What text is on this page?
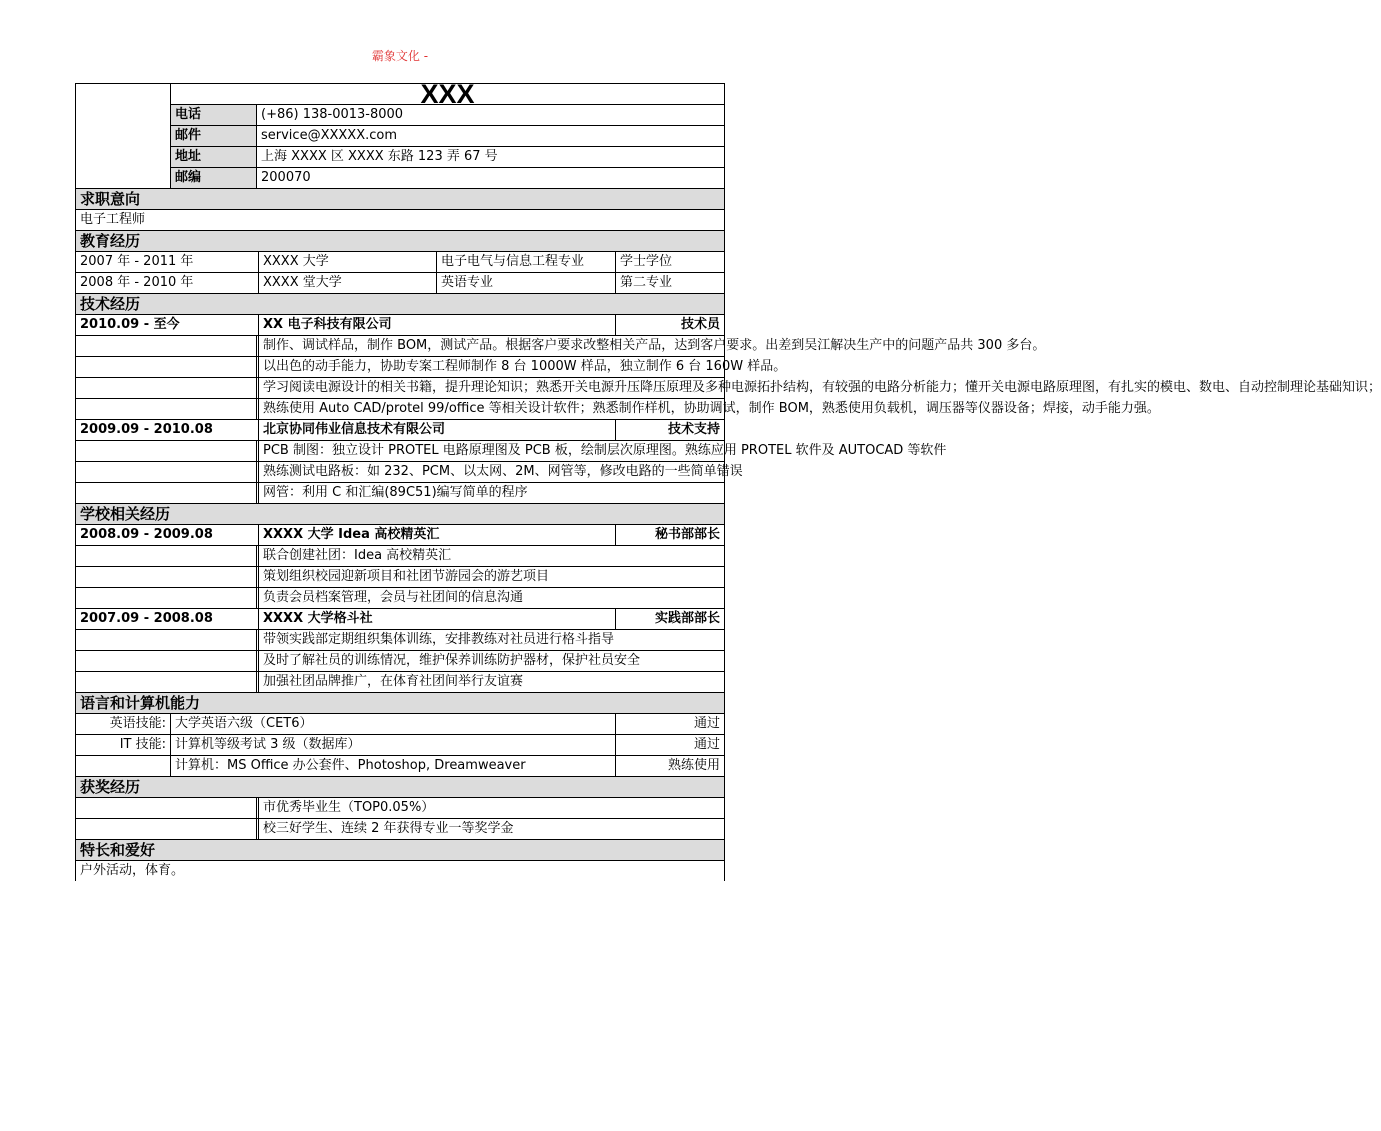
霸象文化 -
	XXX				
	电话	(+86) 138-0013-8000			
	邮件	service@XXXXX.com			
	地址	上海 XXXX 区 XXXX 东路 123 弄 67 号			
	邮编	200070			
求职意向					
电子工程师					
教育经历					
2007 年 - 2011 年			XXXX 大学	电子电气与信息工程专业	学士学位
2008 年 - 2010 年			XXXX 堂大学	英语专业	第二专业
技术经历					
2010.09 - 至今			XX 电子科技有限公司		技术员
		制作、调试样品，制作 BOM，测试产品。根据客户要求改整相关产品，达到客户要求。出差到吴江解决生产中的问题产品共 300 多台。		
		以出色的动手能力，协助专案工程师制作 8 台 1000W 样品，独立制作 6 台 160W 样品。		
		学习阅读电源设计的相关书籍，提升理论知识；熟悉开关电源升压降压原理及多种电源拓扑结构，有较强的电路分析能力；懂开关电源电路原理图，有扎实的模电、数电、自动控制理论基础知识；		
		熟练使用 Auto CAD/protel 99/office 等相关设计软件；熟悉制作样机，协助调试，制作 BOM，熟悉使用负载机，调压器等仪器设备；焊接，动手能力强。		
2009.09 - 2010.08			北京协同伟业信息技术有限公司		技术支持
		PCB 制图：独立设计 PROTEL 电路原理图及 PCB 板，绘制层次原理图。熟练应用 PROTEL 软件及 AUTOCAD 等软件		
		熟练测试电路板：如 232、PCM、以太网、2M、网管等，修改电路的一些简单错误		
		网管：利用 C 和汇编(89C51)编写简单的程序		
学校相关经历					
2008.09 - 2009.08			XXXX 大学 Idea 高校精英汇		秘书部部长
		联合创建社团：Idea 高校精英汇		
		策划组织校园迎新项目和社团节游园会的游艺项目		
		负责会员档案管理，会员与社团间的信息沟通		
2007.09 - 2008.08			XXXX 大学格斗社		实践部部长
		带领实践部定期组织集体训练，安排教练对社员进行格斗指导		
		及时了解社员的训练情况，维护保养训练防护器材，保护社员安全		
		加强社团品牌推广，在体育社团间举行友谊赛		
语言和计算机能力					
英语技能:	大学英语六级（CET6）				通过
IT 技能:	计算机等级考试 3 级（数据库）				通过
	计算机：MS Office 办公套件、Photoshop, Dreamweaver				熟练使用
获奖经历					
		市优秀毕业生（TOP0.05%）		
		校三好学生、连续 2 年获得专业一等奖学金		
特长和爱好					
户外活动，体育。					
